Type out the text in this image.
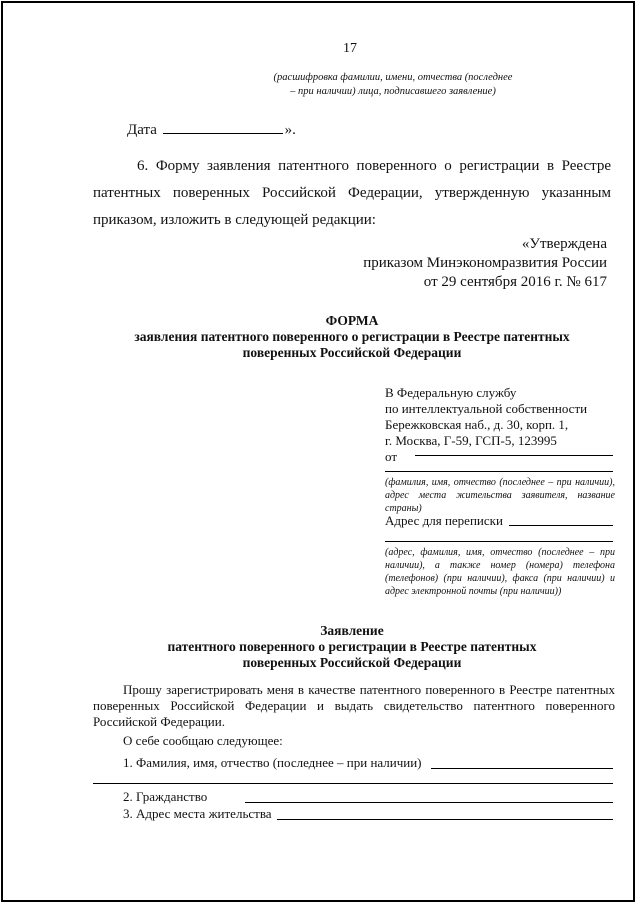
17
(расшифровка фамилии, имени, отчества (последнее – при наличии) лица, подписавшего заявление)
Дата	».
6. Форму заявления патентного поверенного о регистрации в Реестре патентных поверенных Российской Федерации, утвержденную указанным приказом, изложить в следующей редакции:
«Утверждена
приказом Минэкономразвития России
от 29 сентября 2016 г. № 617
ФОРМА
заявления патентного поверенного о регистрации в Реестре патентных
поверенных Российской Федерации
В Федеральную службу
по интеллектуальной собственности
Бережковская наб., д. 30, корп. 1,
г. Москва, Г-59, ГСП-5, 123995
от
(фамилия, имя, отчество (последнее – при наличии), адрес места жительства заявителя, название страны)
Адрес для переписки
(адрес, фамилия, имя, отчество (последнее – при наличии), а также номер (номера) телефона (телефонов) (при наличии), факса (при наличии) и адрес электронной почты (при наличии))
Заявление
патентного поверенного о регистрации в Реестре патентных
поверенных Российской Федерации
Прошу зарегистрировать меня в качестве патентного поверенного в Реестре патентных поверенных Российской Федерации и выдать свидетельство патентного поверенного Российской Федерации.
О себе сообщаю следующее:
1. Фамилия, имя, отчество (последнее – при наличии)
2. Гражданство
3. Адрес места жительства
